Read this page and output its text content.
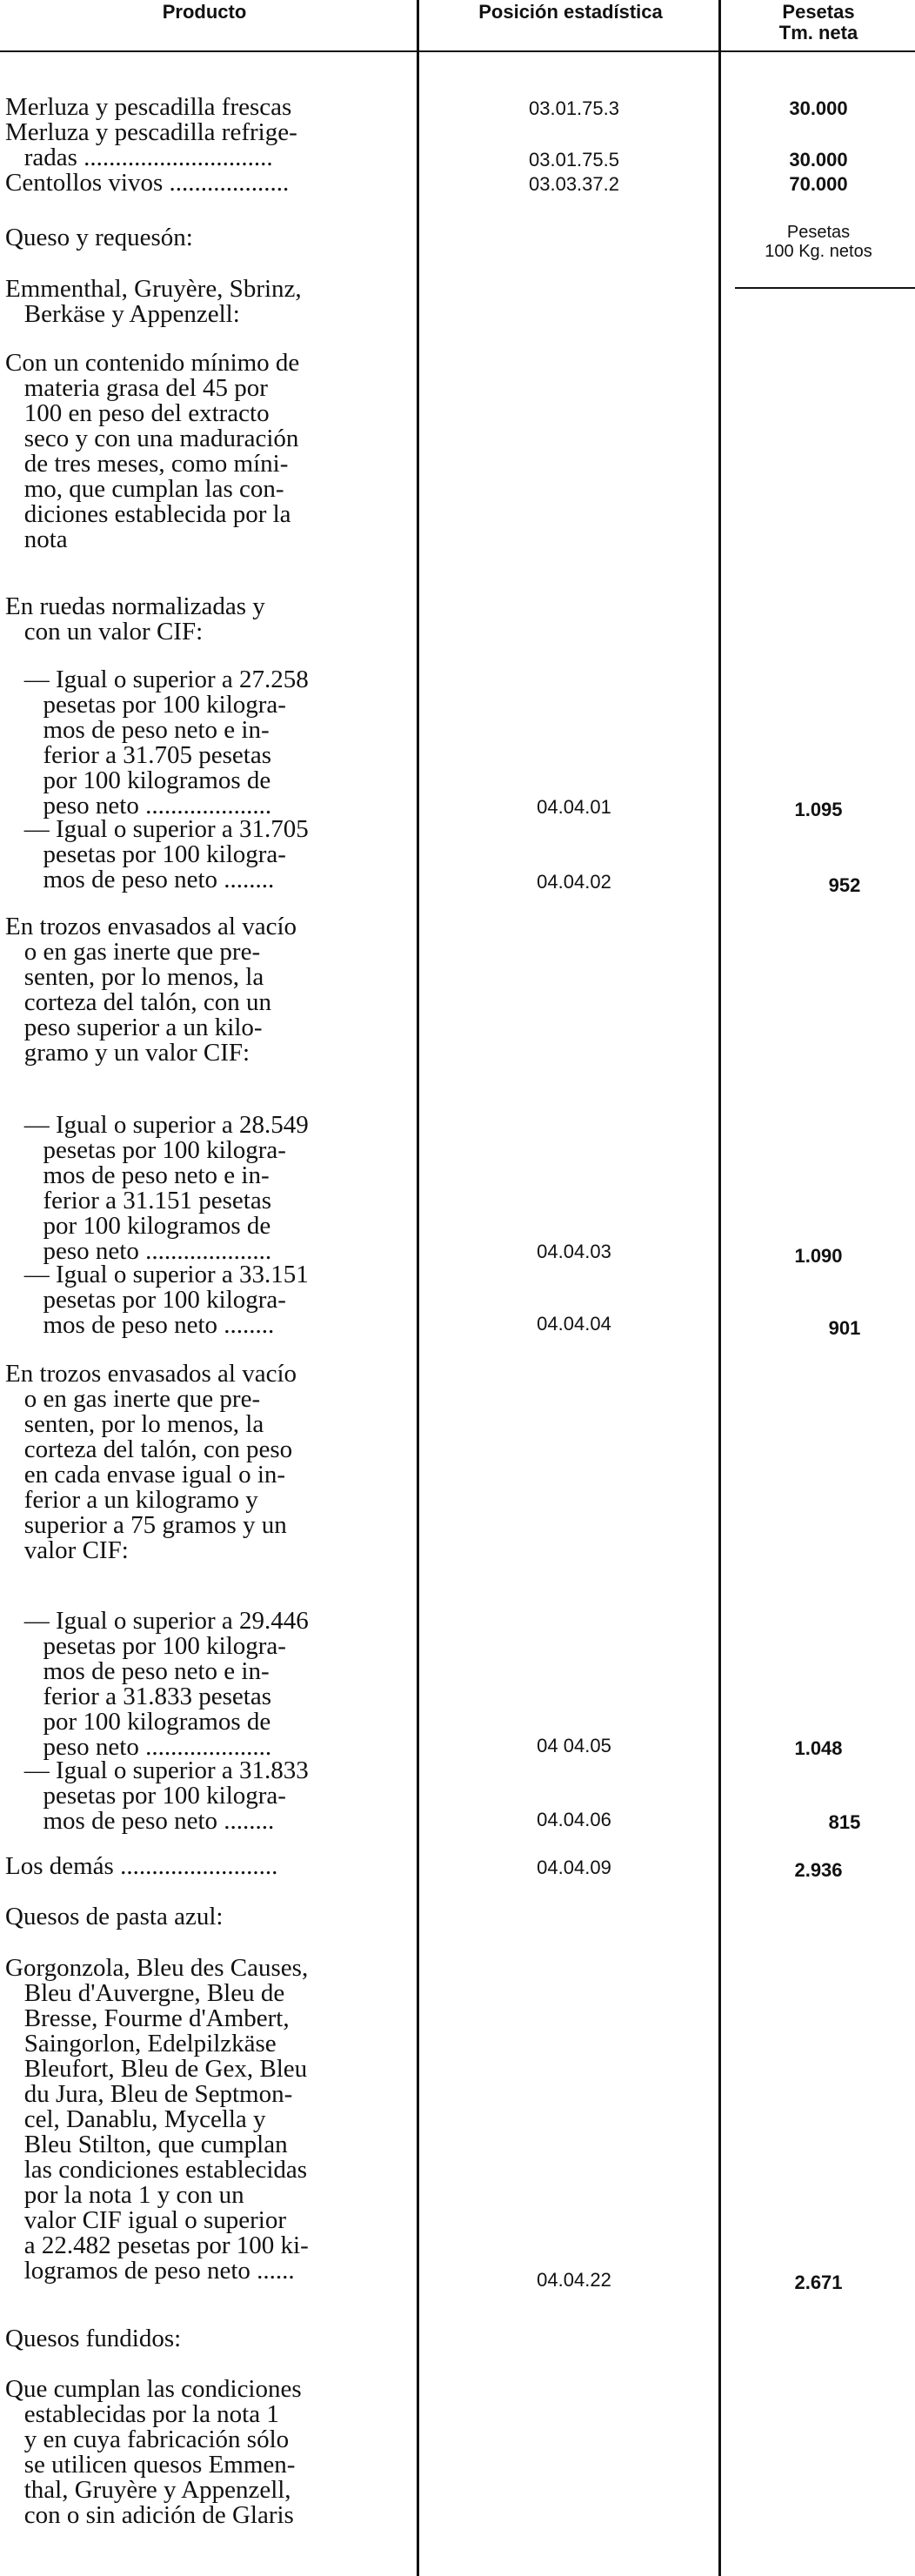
Producto	Posición estadística	Pesetas
Tm. neta
Pesetas
100 Kg. netos
Merluza y pescadilla frescas
Merluza y pescadilla refrige-
radas ..............................
Centollos vivos ...................
Queso y requesón:
Emmenthal, Gruyère, Sbrinz,
Berkäse y Appenzell:
Con un contenido mínimo de
materia grasa del 45 por
100 en peso del extracto
seco y con una maduración
de tres meses, como míni-
mo, que cumplan las con-
diciones establecida por la
nota
En ruedas normalizadas y
con un valor CIF:
— Igual o superior a 27.258
pesetas por 100 kilogra-
mos de peso neto e in-
ferior a 31.705 pesetas
por 100 kilogramos de
peso neto ....................
— Igual o superior a 31.705
pesetas por 100 kilogra-
mos de peso neto ........
En trozos envasados al vacío
o en gas inerte que pre-
senten, por lo menos, la
corteza del talón, con un
peso superior a un kilo-
gramo y un valor CIF:
— Igual o superior a 28.549
pesetas por 100 kilogra-
mos de peso neto e in-
ferior a 31.151 pesetas
por 100 kilogramos de
peso neto ....................
— Igual o superior a 33.151
pesetas por 100 kilogra-
mos de peso neto ........
En trozos envasados al vacío
o en gas inerte que pre-
senten, por lo menos, la
corteza del talón, con peso
en cada envase igual o in-
ferior a un kilogramo y
superior a 75 gramos y un
valor CIF:
— Igual o superior a 29.446
pesetas por 100 kilogra-
mos de peso neto e in-
ferior a 31.833 pesetas
por 100 kilogramos de
peso neto ....................
— Igual o superior a 31.833
pesetas por 100 kilogra-
mos de peso neto ........
Los demás .........................
Quesos de pasta azul:
Gorgonzola, Bleu des Causes,
Bleu d'Auvergne, Bleu de
Bresse, Fourme d'Ambert,
Saingorlon, Edelpilzkäse
Bleufort, Bleu de Gex, Bleu
du Jura, Bleu de Septmon-
cel, Danablu, Mycella y
Bleu Stilton, que cumplan
las condiciones establecidas
por la nota 1 y con un
valor CIF igual o superior
a 22.482 pesetas por 100 ki-
logramos de peso neto ......
Quesos fundidos:
Que cumplan las condiciones
establecidas por la nota 1
y en cuya fabricación sólo
se utilicen quesos Emmen-
thal, Gruyère y Appenzell,
con o sin adición de Glaris
03.01.75.3
03.01.75.5
03.03.37.2
04.04.01
04.04.02
04.04.03
04.04.04
04 04.05
04.04.06
04.04.09
04.04.22
30.000
30.000
70.000
1.095
952
1.090
901
1.048
815
2.936
2.671
